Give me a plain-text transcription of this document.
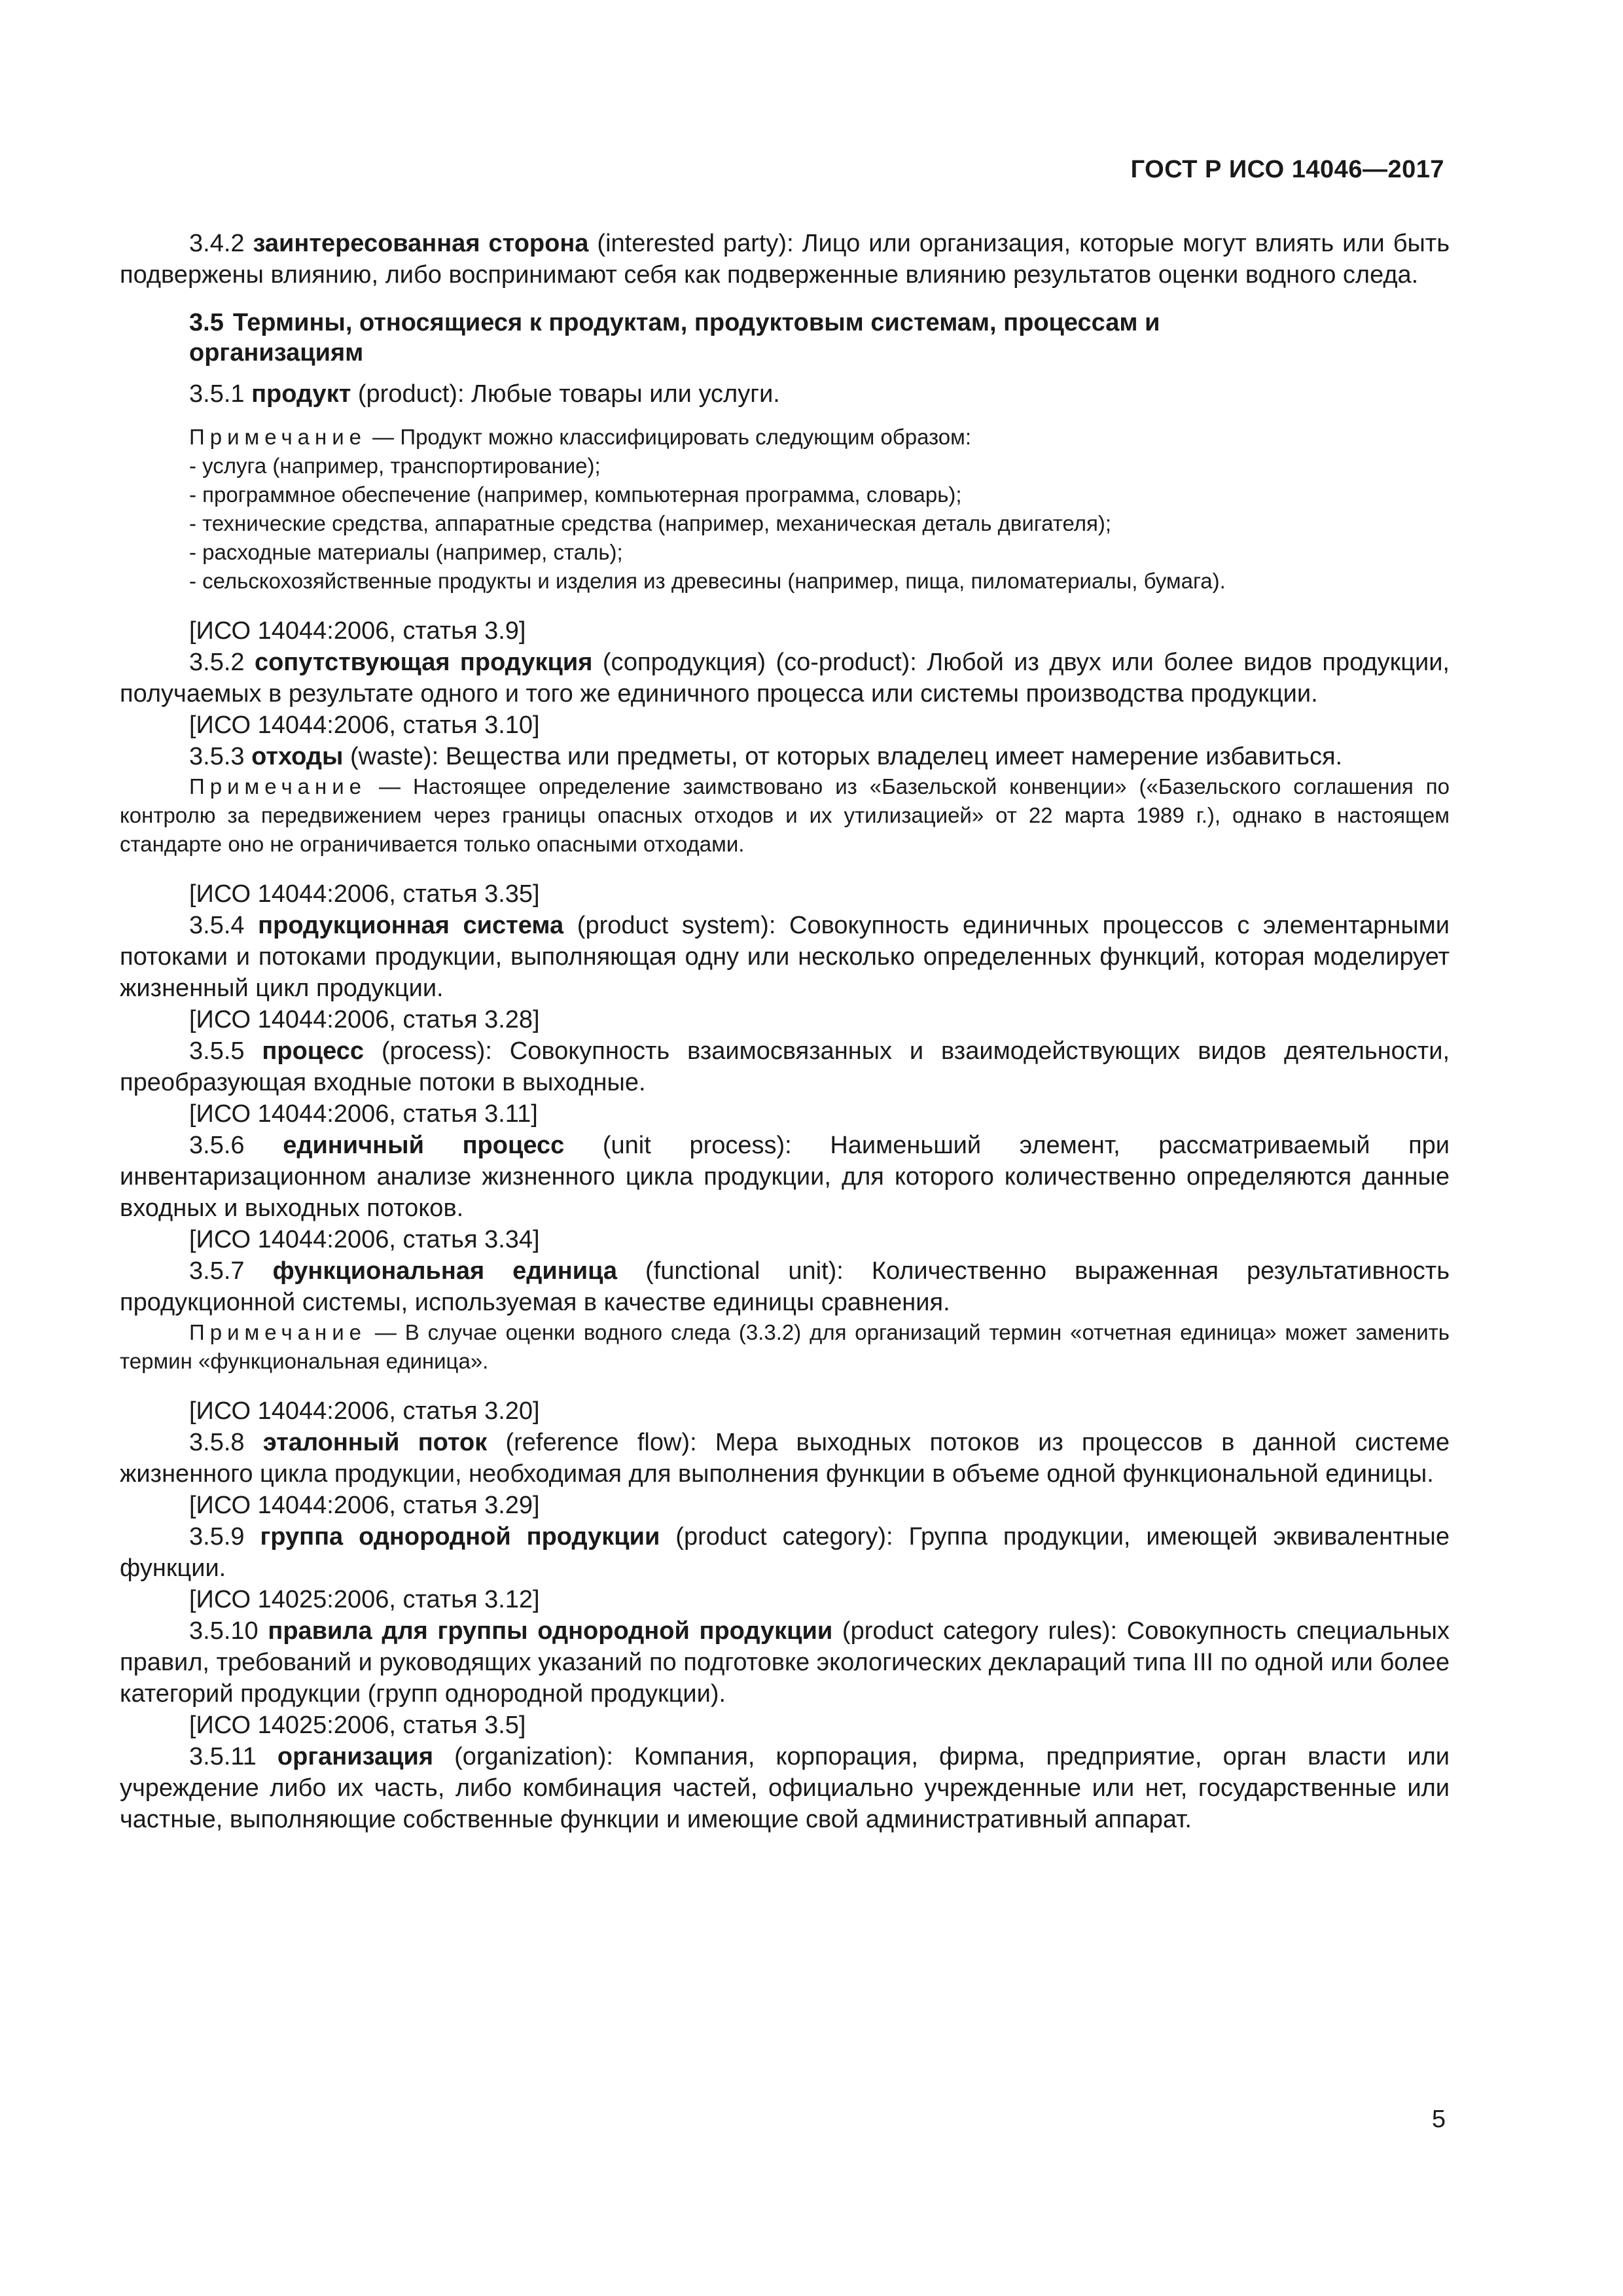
ГОСТ Р ИСО 14046—2017

3.4.2 заинтересованная сторона (interested party): Лицо или организация, которые могут влиять или быть подвержены влиянию, либо воспринимают себя как подверженные влиянию результатов оценки водного следа.

3.5 Термины, относящиеся к продуктам, продуктовым системам, процессам и организациям

3.5.1 продукт (product): Любые товары или услуги.

Примечание — Продукт можно классифицировать следующим образом:

- услуга (например, транспортирование);

- программное обеспечение (например, компьютерная программа, словарь);

- технические средства, аппаратные средства (например, механическая деталь двигателя);

- расходные материалы (например, сталь);

- сельскохозяйственные продукты и изделия из древесины (например, пища, пиломатериалы, бумага).

[ИСО 14044:2006, статья 3.9]

3.5.2 сопутствующая продукция (сопродукция) (co-product): Любой из двух или более видов продукции, получаемых в результате одного и того же единичного процесса или системы производства продукции.

[ИСО 14044:2006, статья 3.10]

3.5.3 отходы (waste): Вещества или предметы, от которых владелец имеет намерение избавиться.

Примечание — Настоящее определение заимствовано из «Базельской конвенции» («Базельского соглашения по контролю за передвижением через границы опасных отходов и их утилизацией» от 22 марта 1989 г.), однако в настоящем стандарте оно не ограничивается только опасными отходами.

[ИСО 14044:2006, статья 3.35]

3.5.4 продукционная система (product system): Совокупность единичных процессов с элементарными потоками и потоками продукции, выполняющая одну или несколько определенных функций, которая моделирует жизненный цикл продукции.

[ИСО 14044:2006, статья 3.28]

3.5.5 процесс (process): Совокупность взаимосвязанных и взаимодействующих видов деятельности, преобразующая входные потоки в выходные.

[ИСО 14044:2006, статья 3.11]

3.5.6 единичный процесс (unit process): Наименьший элемент, рассматриваемый при инвентаризационном анализе жизненного цикла продукции, для которого количественно определяются данные входных и выходных потоков.

[ИСО 14044:2006, статья 3.34]

3.5.7 функциональная единица (functional unit): Количественно выраженная результативность продукционной системы, используемая в качестве единицы сравнения.

Примечание — В случае оценки водного следа (3.3.2) для организаций термин «отчетная единица» может заменить термин «функциональная единица».

[ИСО 14044:2006, статья 3.20]

3.5.8 эталонный поток (reference flow): Мера выходных потоков из процессов в данной системе жизненного цикла продукции, необходимая для выполнения функции в объеме одной функциональной единицы.

[ИСО 14044:2006, статья 3.29]

3.5.9 группа однородной продукции (product category): Группа продукции, имеющей эквивалентные функции.

[ИСО 14025:2006, статья 3.12]

3.5.10 правила для группы однородной продукции (product category rules): Совокупность специальных правил, требований и руководящих указаний по подготовке экологических деклараций типа III по одной или более категорий продукции (групп однородной продукции).

[ИСО 14025:2006, статья 3.5]

3.5.11 организация (organization): Компания, корпорация, фирма, предприятие, орган власти или учреждение либо их часть, либо комбинация частей, официально учрежденные или нет, государственные или частные, выполняющие собственные функции и имеющие свой административный аппарат.

5
